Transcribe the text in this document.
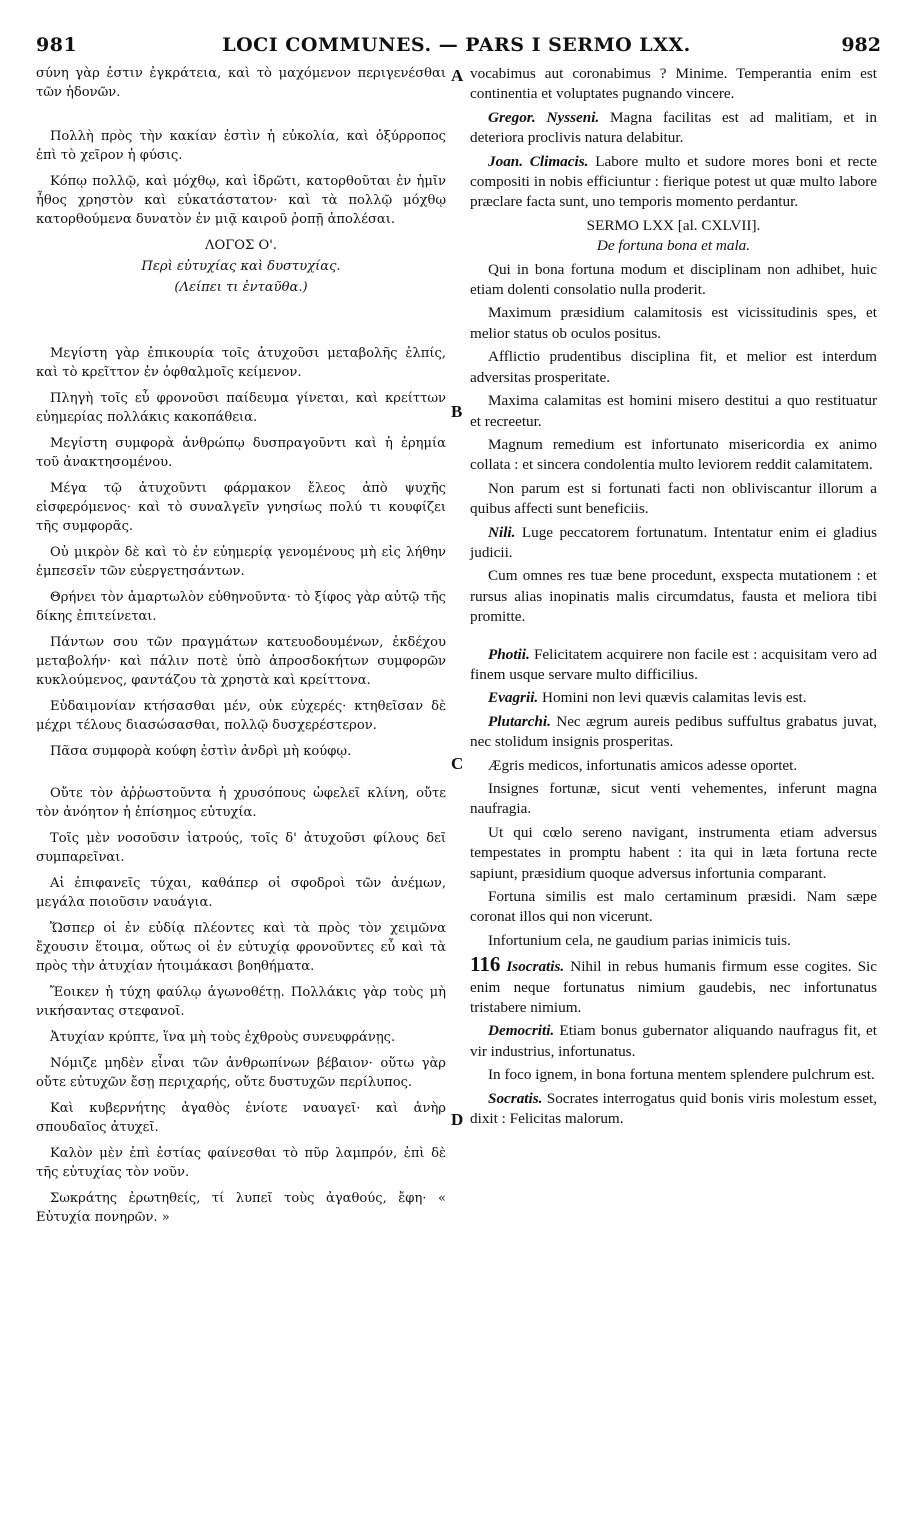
981	LOCI COMMUNES. — PARS I SERMO LXX.	982
A
B
C
D

σύνη γὰρ ἐστιν ἐγκράτεια, καὶ τὸ μαχόμενον περιγενέσθαι τῶν ἡδονῶν.

Πολλὴ πρὸς τὴν κακίαν ἐστὶν ἡ εὐκολία, καὶ ὀξύρροπος ἐπὶ τὸ χεῖρον ἡ φύσις.

Κόπῳ πολλῷ, καὶ μόχθῳ, καὶ ἱδρῶτι, κατορθοῦται ἐν ἡμῖν ἦθος χρηστὸν καὶ εὐκατάστατον· καὶ τὰ πολλῷ μόχθῳ κατορθούμενα δυνατὸν ἐν μιᾷ καιροῦ ῥοπῇ ἀπολέσαι.

ΛΟΓΟΣ Ο'.

Περὶ εὐτυχίας καὶ δυστυχίας.

(Λείπει τι ἐνταῦθα.)

Μεγίστη γὰρ ἐπικουρία τοῖς ἀτυχοῦσι μεταβολῆς ἐλπίς, καὶ τὸ κρεῖττον ἐν ὀφθαλμοῖς κείμενον.

Πληγὴ τοῖς εὖ φρονοῦσι παίδευμα γίνεται, καὶ κρείττων εὐημερίας πολλάκις κακοπάθεια.

Μεγίστη συμφορὰ ἀνθρώπῳ δυσπραγοῦντι καὶ ἡ ἐρημία τοῦ ἀνακτησομένου.

Μέγα τῷ ἀτυχοῦντι φάρμακον ἔλεος ἀπὸ ψυχῆς εἰσφερόμενος· καὶ τὸ συναλγεῖν γνησίως πολύ τι κουφίζει τῆς συμφορᾶς.

Οὐ μικρὸν δὲ καὶ τὸ ἐν εὐημερίᾳ γενομένους μὴ εἰς λήθην ἐμπεσεῖν τῶν εὐεργετησάντων.

Θρήνει τὸν ἁμαρτωλὸν εὐθηνοῦντα· τὸ ξίφος γὰρ αὐτῷ τῆς δίκης ἐπιτείνεται.

Πάντων σου τῶν πραγμάτων κατευοδουμένων, ἐκδέχου μεταβολήν· καὶ πάλιν ποτὲ ὑπὸ ἀπροσδοκήτων συμφορῶν κυκλούμενος, φαντάζου τὰ χρηστὰ καὶ κρείττονα.

Εὐδαιμονίαν κτήσασθαι μέν, οὐκ εὐχερές· κτηθεῖσαν δὲ μέχρι τέλους διασώσασθαι, πολλῷ δυσχερέστερον.

Πᾶσα συμφορὰ κούφη ἐστὶν ἀνδρὶ μὴ κούφῳ.

Οὔτε τὸν ἀῤῥωστοῦντα ἡ χρυσόπους ὠφελεῖ κλίνη, οὔτε τὸν ἀνόητον ἡ ἐπίσημος εὐτυχία.

Τοῖς μὲν νοσοῦσιν ἰατρούς, τοῖς δ' ἀτυχοῦσι φίλους δεῖ συμπαρεῖναι.

Αἱ ἐπιφανεῖς τύχαι, καθάπερ οἱ σφοδροὶ τῶν ἀνέμων, μεγάλα ποιοῦσιν ναυάγια.

Ὥσπερ οἱ ἐν εὐδίᾳ πλέοντες καὶ τὰ πρὸς τὸν χειμῶνα ἔχουσιν ἕτοιμα, οὕτως οἱ ἐν εὐτυχίᾳ φρονοῦντες εὖ καὶ τὰ πρὸς τὴν ἀτυχίαν ἡτοιμάκασι βοηθήματα.

Ἔοικεν ἡ τύχη φαύλῳ ἀγωνοθέτῃ. Πολλάκις γὰρ τοὺς μὴ νικήσαντας στεφανοῖ.

Ἀτυχίαν κρύπτε, ἵνα μὴ τοὺς ἐχθροὺς συνευφράνῃς.

Νόμιζε μηδὲν εἶναι τῶν ἀνθρωπίνων βέβαιον· οὕτω γὰρ οὔτε εὐτυχῶν ἔσῃ περιχαρής, οὔτε δυστυχῶν περίλυπος.

Καὶ κυβερνήτης ἀγαθὸς ἐνίοτε ναυαγεῖ· καὶ ἀνὴρ σπουδαῖος ἀτυχεῖ.

Καλὸν μὲν ἐπὶ ἑστίας φαίνεσθαι τὸ πῦρ λαμπρόν, ἐπὶ δὲ τῆς εὐτυχίας τὸν νοῦν.

Σωκράτης ἐρωτηθείς, τί λυπεῖ τοὺς ἀγαθούς, ἔφη· « Εὐτυχία πονηρῶν. »

vocabimus aut coronabimus ? Minime. Temperantia enim est continentia et voluptates pugnando vincere.

Gregor. Nysseni. Magna facilitas est ad malitiam, et in deteriora proclivis natura delabitur.

Joan. Climacis. Labore multo et sudore mores boni et recte compositi in nobis efficiuntur : fierique potest ut quæ multo labore præclare facta sunt, uno temporis momento perdantur.

SERMO LXX [al. CXLVII].

De fortuna bona et mala.

Qui in bona fortuna modum et disciplinam non adhibet, huic etiam dolenti consolatio nulla proderit.

Maximum præsidium calamitosis est vicissitudinis spes, et melior status ob oculos positus.

Afflictio prudentibus disciplina fit, et melior est interdum adversitas prosperitate.

Maxima calamitas est homini misero destitui a quo restituatur et recreetur.

Magnum remedium est infortunato misericordia ex animo collata : et sincera condolentia multo leviorem reddit calamitatem.

Non parum est si fortunati facti non obliviscantur illorum a quibus affecti sunt beneficiis.

Nili. Luge peccatorem fortunatum. Intentatur enim ei gladius judicii.

Cum omnes res tuæ bene procedunt, exspecta mutationem : et rursus alias inopinatis malis circumdatus, fausta et meliora tibi promitte.

Photii. Felicitatem acquirere non facile est : acquisitam vero ad finem usque servare multo difficilius.

Evagrii. Homini non levi quævis calamitas levis est.

Plutarchi. Nec ægrum aureis pedibus suffultus grabatus juvat, nec stolidum insignis prosperitas.

Ægris medicos, infortunatis amicos adesse oportet.

Insignes fortunæ, sicut venti vehementes, inferunt magna naufragia.

Ut qui cœlo sereno navigant, instrumenta etiam adversus tempestates in promptu habent : ita qui in læta fortuna recte sapiunt, præsidium quoque adversus infortunia comparant.

Fortuna similis est malo certaminum præsidi. Nam sæpe coronat illos qui non vicerunt.

Infortunium cela, ne gaudium parias inimicis tuis.

116 Isocratis. Nihil in rebus humanis firmum esse cogites. Sic enim neque fortunatus nimium gaudebis, nec infortunatus tristabere nimium.

Democriti. Etiam bonus gubernator aliquando naufragus fit, et vir industrius, infortunatus.

In foco ignem, in bona fortuna mentem splendere pulchrum est.

Socratis. Socrates interrogatus quid bonis viris molestum esset, dixit : Felicitas malorum.
